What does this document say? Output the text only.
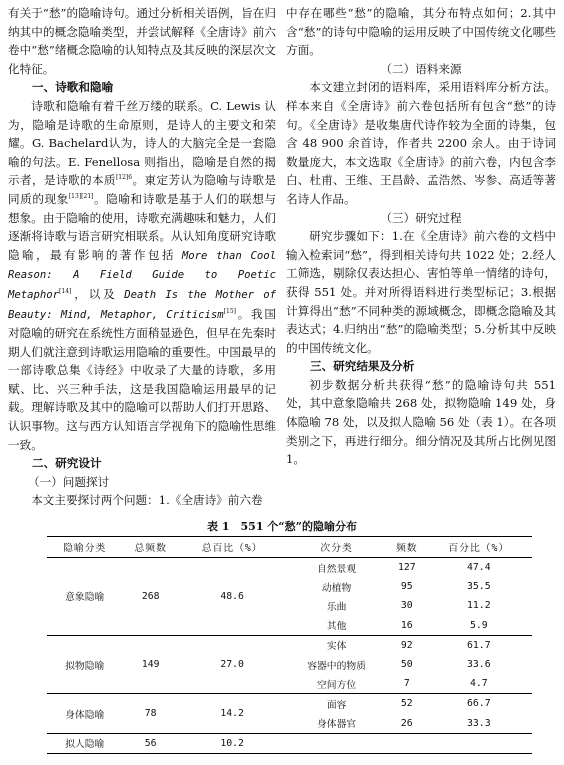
有关于“愁”的隐喻诗句。通过分析相关语例，旨在归纳其中的概念隐喻类型，并尝试解释《全唐诗》前六卷中“愁”绪概念隐喻的认知特点及其反映的深层次文化特征。

一、诗歌和隐喻

诗歌和隐喻有着千丝万缕的联系。C. Lewis 认为，隐喻是诗歌的生命原则，是诗人的主要文和荣耀。G. Bachelard认为，诗人的大脑完全是一套隐喻的句法。E. Fenellosa 则指出，隐喻是自然的揭示者，是诗歌的本质$^{[12]6}$。東定芳认为隐喻与诗歌是同质的现象[13][21]。隐喻和诗歌是基于人们的联想与想象。由于隐喻的使用，诗歌充满趣味和魅力，人们逐渐将诗歌与语言研究相联系。从认知角度研究诗歌隐喻，最有影响的著作包括 More than Cool Reason: A Field Guide to Poetic Metaphor[14]，以及 Death Is the Mother of Beauty: Mind, Metaphor, Criticism[15]。我国对隐喻的研究在系统性方面稍显逊色，但早在先秦时期人们就注意到诗歌运用隐喻的重要性。中国最早的一部诗歌总集《诗经》中收录了大量的诗歌，多用赋、比、兴三种手法，这是我国隐喻运用最早的记载。理解诗歌及其中的隐喻可以帮助人们打开思路、认识事物。这与西方认知语言学视角下的隐喻性思维一致。

二、研究设计

（一）问题探讨

本文主要探讨两个问题：1.《全唐诗》前六卷

中存在哪些“愁”的隐喻，其分布特点如何；2.其中含“愁”的诗句中隐喻的运用反映了中国传统文化哪些方面。

（二）语料来源

本文建立封闭的语料库，采用语料库分析方法。样本来自《全唐诗》前六卷包括所有包含“愁”的诗句。《全唐诗》是收集唐代诗作较为全面的诗集，包含 48 900 余首诗，作者共 2200 余人。由于诗词数量庞大，本文选取《全唐诗》的前六卷，内包含李白、杜甫、王维、王昌龄、孟浩然、岑参、高适等著名诗人作品。

（三）研究过程

研究步骤如下：1.在《全唐诗》前六卷的文档中输入检索词“愁”，得到相关诗句共 1022 处；2.经人工筛选，剔除仅表达担心、害怕等单一情绪的诗句，获得 551 处。并对所得语料进行类型标记；3.根据计算得出“愁”不同种类的源域概念，即概念隐喻及其表达式；4.归纳出“愁”的隐喻类型；5.分析其中反映的中国传统文化。

三、研究结果及分析

初步数据分析共获得“愁”的隐喻诗句共 551 处，其中意象隐喻共 268 处，拟物隐喻 149 处，身体隐喻 78 处，以及拟人隐喻 56 处（表 1）。在各项类别之下，再进行细分。细分情况及其所占比例见图 1。

表 1　551 个“愁”的隐喻分布
隐喻分类	总频数	总百比（%）	次分类	频数	百分比（%）
意象隐喻	268	48.6	自然景观	127	47.4
			动植物	95	35.5
			乐曲	30	11.2
			其他	16	5.9
拟物隐喻	149	27.0	实体	92	61.7
			容器中的物质	50	33.6
			空间方位	7	4.7
身体隐喻	78	14.2	面容	52	66.7
			身体器官	26	33.3
拟人隐喻	56	10.2			
